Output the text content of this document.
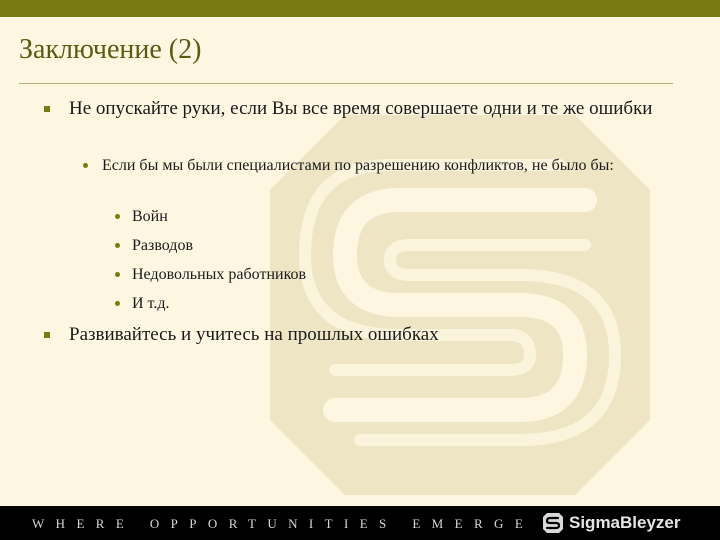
Заключение (2)
Не опускайте руки, если Вы все время совершаете одни и те же ошибки
Если бы мы были специалистами по разрешению конфликтов, не было бы:
Войн
Разводов
Недовольных работников
И т.д.
Развивайтесь и учитесь на прошлых ошибках
WHERE OPPORTUNITIES EMERGE SigmaBleyzer
